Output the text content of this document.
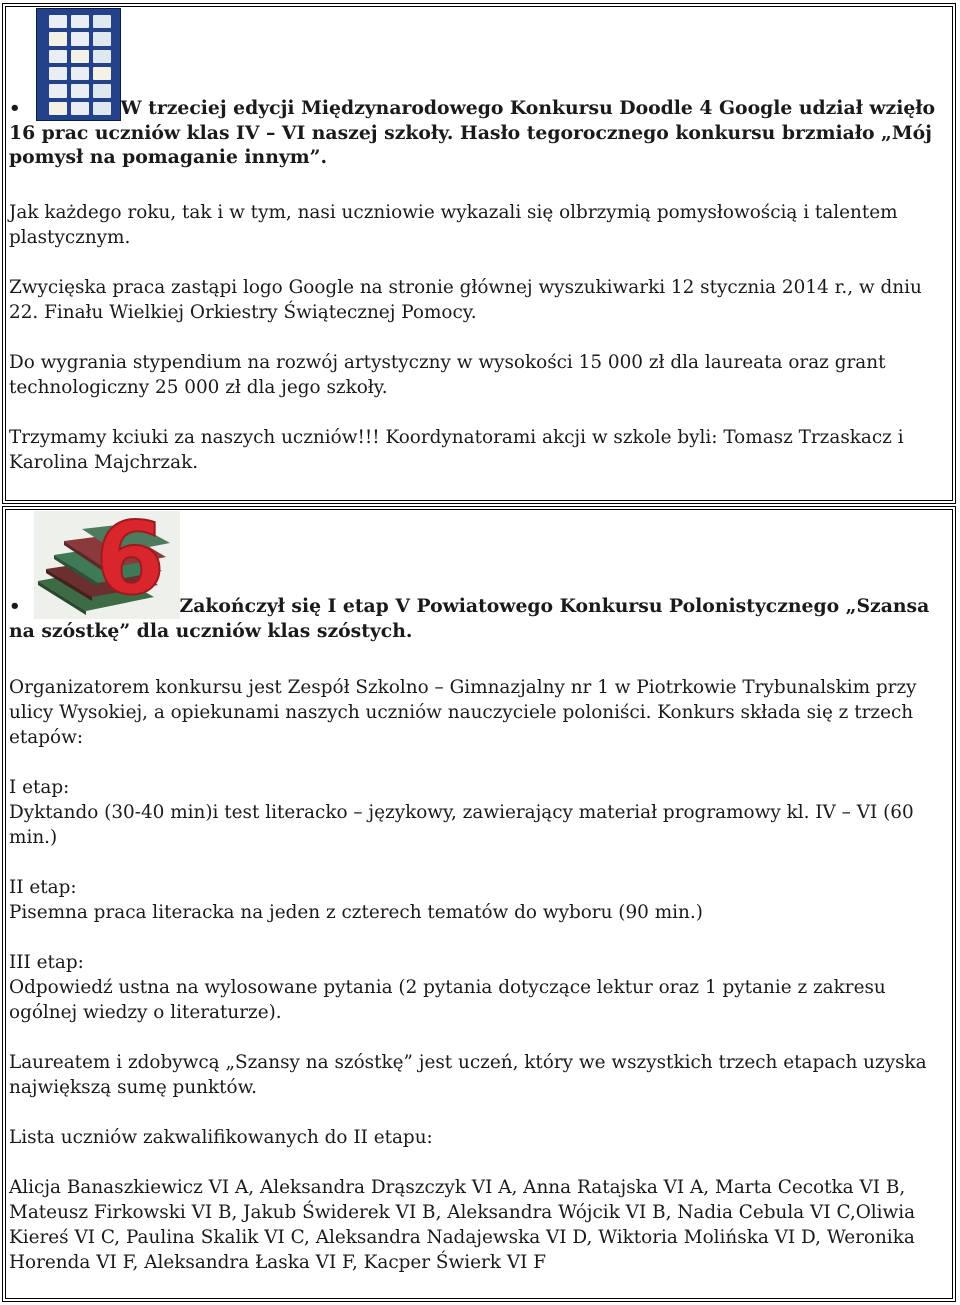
•	W trzeciej edycji Międzynarodowego Konkursu Doodle 4 Google udział wzięło 16 prac uczniów klas IV – VI naszej szkoły. Hasło tegorocznego konkursu brzmiało „Mój pomysł na pomaganie innym”.

Jak każdego roku, tak i w tym, nasi uczniowie wykazali się olbrzymią pomysłowością i talentem plastycznym.

Zwycięska praca zastąpi logo Google na stronie głównej wyszukiwarki 12 stycznia 2014 r., w dniu 22. Finału Wielkiej Orkiestry Świątecznej Pomocy.

Do wygrania stypendium na rozwój artystyczny w wysokości 15 000 zł dla laureata oraz grant technologiczny 25 000 zł dla jego szkoły.

Trzymamy kciuki za naszych uczniów!!! Koordynatorami akcji w szkole byli: Tomasz Trzaskacz i Karolina Majchrzak.

• 6 Zakończył się I etap V Powiatowego Konkursu Polonistycznego „Szansa na szóstkę” dla uczniów klas szóstych.

Organizatorem konkursu jest Zespół Szkolno – Gimnazjalny nr 1 w Piotrkowie Trybunalskim przy ulicy Wysokiej, a opiekunami naszych uczniów nauczyciele poloniści. Konkurs składa się z trzech etapów:

I etap:

Dyktando (30-40 min)i test literacko – językowy, zawierający materiał programowy kl. IV – VI (60 min.)

II etap:

Pisemna praca literacka na jeden z czterech tematów do wyboru (90 min.)

III etap:

Odpowiedź ustna na wylosowane pytania (2 pytania dotyczące lektur oraz 1 pytanie z zakresu ogólnej wiedzy o literaturze).

Laureatem i zdobywcą „Szansy na szóstkę” jest uczeń, który we wszystkich trzech etapach uzyska największą sumę punktów.

Lista uczniów zakwalifikowanych do II etapu:

Alicja Banaszkiewicz VI A, Aleksandra Drąszczyk VI A, Anna Ratajska VI A, Marta Cecotka VI B, Mateusz Firkowski VI B, Jakub Świderek VI B, Aleksandra Wójcik VI B, Nadia Cebula VI C,Oliwia Kiereś VI C, Paulina Skalik VI C, Aleksandra Nadajewska VI D, Wiktoria Molińska VI D, Weronika Horenda VI F, Aleksandra Łaska VI F, Kacper Świerk VI F
